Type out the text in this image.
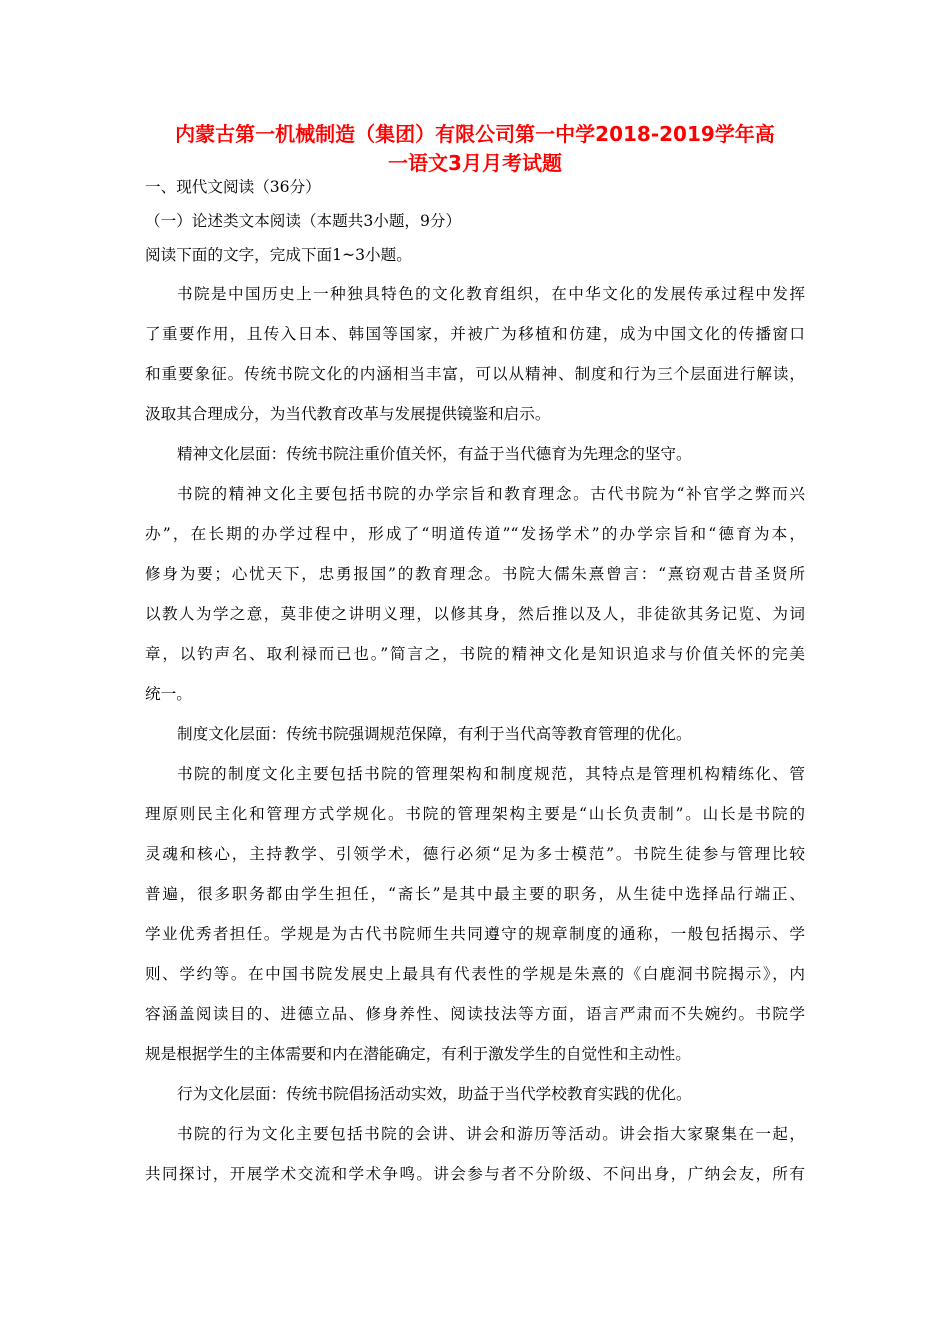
内蒙古第一机械制造（集团）有限公司第一中学2018-2019学年高
一语文3月月考试题

一、现代文阅读（36分）

（一）论述类文本阅读（本题共3小题，9分）

阅读下面的文字，完成下面1~3小题。

书院是中国历史上一种独具特色的文化教育组织，在中华文化的发展传承过程中发挥

了重要作用，且传入日本、韩国等国家，并被广为移植和仿建，成为中国文化的传播窗口

和重要象征。传统书院文化的内涵相当丰富，可以从精神、制度和行为三个层面进行解读，

汲取其合理成分，为当代教育改革与发展提供镜鉴和启示。

精神文化层面：传统书院注重价值关怀，有益于当代德育为先理念的坚守。

书院的精神文化主要包括书院的办学宗旨和教育理念。古代书院为“补官学之弊而兴

办”，在长期的办学过程中，形成了“明道传道”“发扬学术”的办学宗旨和“德育为本，

修身为要；心忧天下，忠勇报国”的教育理念。书院大儒朱熹曾言：“熹窃观古昔圣贤所

以教人为学之意，莫非使之讲明义理，以修其身，然后推以及人，非徒欲其务记览、为词

章，以钓声名、取利禄而已也。”简言之，书院的精神文化是知识追求与价值关怀的完美

统一。

制度文化层面：传统书院强调规范保障，有利于当代高等教育管理的优化。

书院的制度文化主要包括书院的管理架构和制度规范，其特点是管理机构精练化、管

理原则民主化和管理方式学规化。书院的管理架构主要是“山长负责制”。山长是书院的

灵魂和核心，主持教学、引领学术，德行必须“足为多士模范”。书院生徒参与管理比较

普遍，很多职务都由学生担任，“斋长”是其中最主要的职务，从生徒中选择品行端正、

学业优秀者担任。学规是为古代书院师生共同遵守的规章制度的通称，一般包括揭示、学

则、学约等。在中国书院发展史上最具有代表性的学规是朱熹的《白鹿洞书院揭示》，内

容涵盖阅读目的、进德立品、修身养性、阅读技法等方面，语言严肃而不失婉约。书院学

规是根据学生的主体需要和内在潜能确定，有利于激发学生的自觉性和主动性。

行为文化层面：传统书院倡扬活动实效，助益于当代学校教育实践的优化。

书院的行为文化主要包括书院的会讲、讲会和游历等活动。讲会指大家聚集在一起，

共同探讨，开展学术交流和学术争鸣。讲会参与者不分阶级、不问出身，广纳会友，所有
